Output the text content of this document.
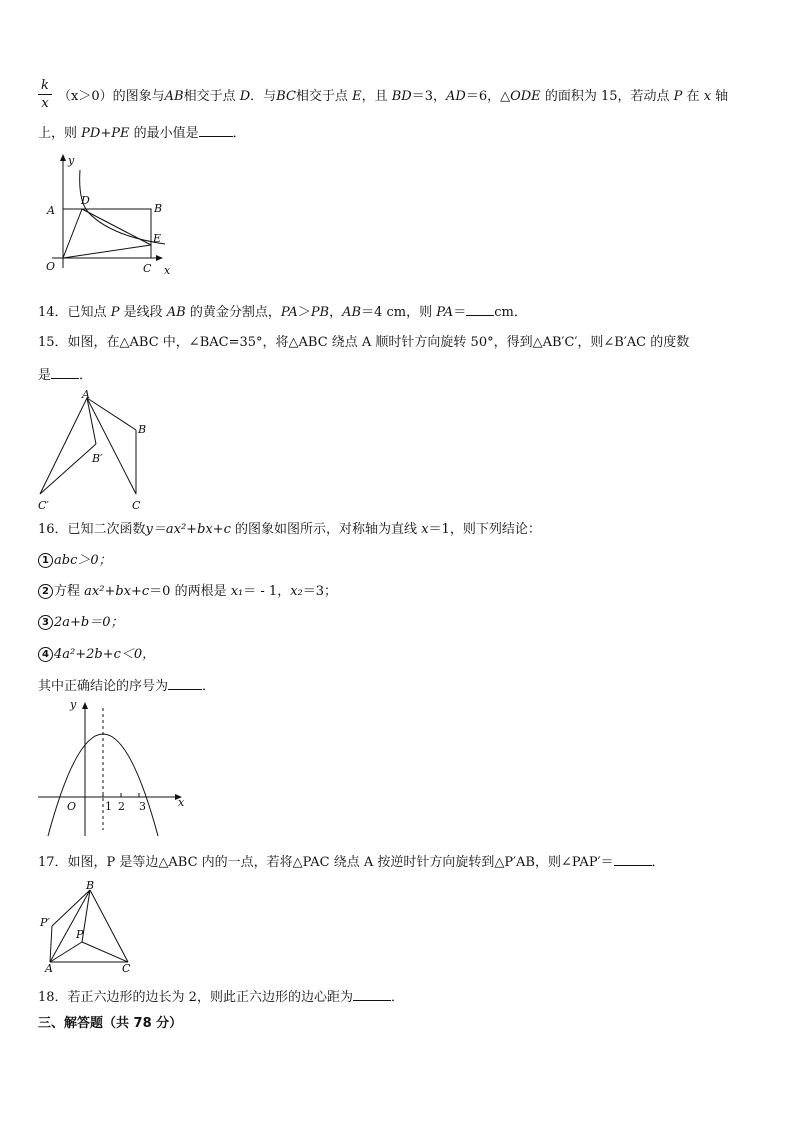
k
x （x＞0）的图象与AB相交于点 D．与BC相交于点 E，且 BD＝3，AD＝6，△ODE 的面积为 15，若动点 P 在 x 轴
上，则 PD+PE 的最小值是	．
y
A
D
B
E
O	C x
14．已知点 P 是线段 AB 的黄金分割点，PA＞PB，AB＝4 cm，则 PA＝ cm．
15．如图，在△ABC 中，∠BAC=35°，将△ABC 绕点 A 顺时针方向旋转 50°，得到△AB′C′，则∠B′AC 的度数
是 ．
A
B
B′
C′	C
16．已知二次函数y＝ax²+bx+c 的图象如图所示，对称轴为直线 x＝1，则下列结论：
1 abc＞0；
2 方程 ax²+bx+c＝0 的两根是 x₁＝ - 1，x₂＝3；
3 2a+b＝0；
4 4a²+2b+c＜0，
其中正确结论的序号为	．
y
O	1 2 3	x
17．如图，P 是等边△ABC 内的一点，若将△PAC 绕点 A 按逆时针方向旋转到△P′AB，则∠PAP′＝	．
B
P′
P
A	C
18．若正六边形的边长为 2，则此正六边形的边心距为	．
三、解答题（共 78 分）
